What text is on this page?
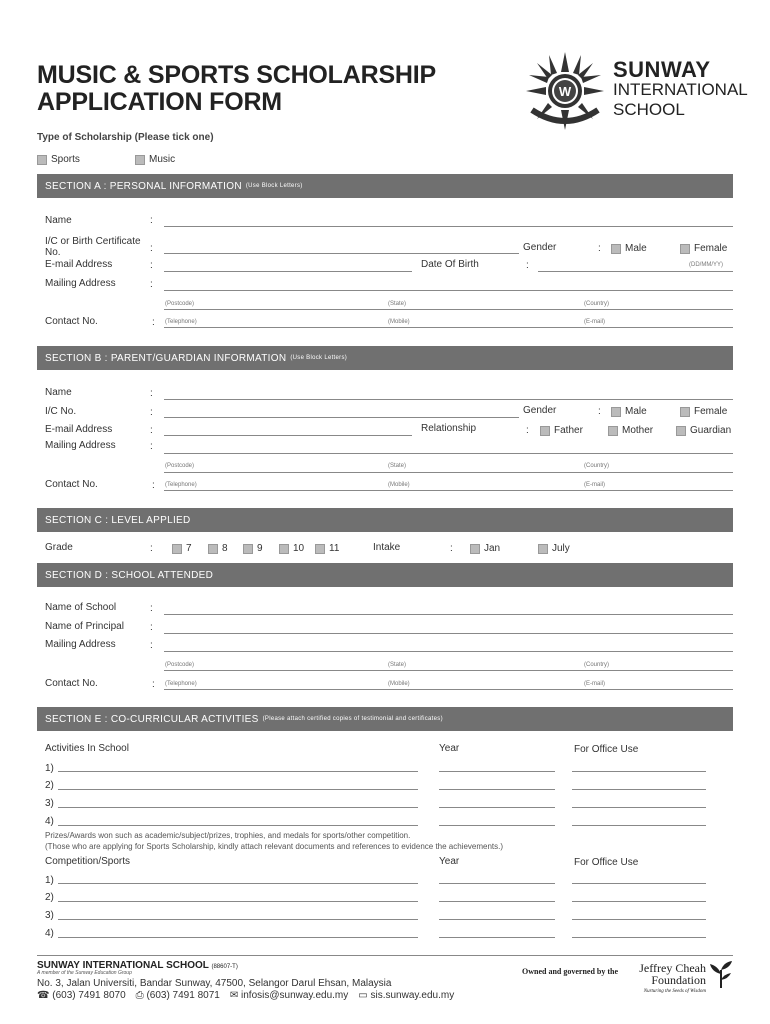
MUSIC & SPORTS SCHOLARSHIP
APPLICATION FORM	W
SUNWAY
INTERNATIONAL
SCHOOL
Type of Scholarship (Please tick one)
Sports	Music
SECTION A : PERSONAL INFORMATION (Use Block Letters)
Name	:
I/C or Birth Certificate No.	:	Gender	: Male	Female
E-mail Address	:	Date Of Birth	:	(DD/MM/YY)
Mailing Address	:
(Postcode)	(State)	(Country)
Contact No.	: (Telephone)	(Mobile)	(E-mail)
SECTION B : PARENT/GUARDIAN INFORMATION (Use Block Letters)
Name	:
I/C No.	:	Gender	: Male	Female
E-mail Address	:	Relationship	:	Father	Mother	Guardian
Mailing Address	:
(Postcode)	(State)	(Country)
Contact No.	: (Telephone)	(Mobile)	(E-mail)
SECTION C : LEVEL APPLIED
Grade	:	7	8	9	10 11	Intake	:	Jan	July
SECTION D : SCHOOL ATTENDED
Name of School	:
Name of Principal	:
Mailing Address	:
(Postcode)	(State)	(Country)
Contact No.	: (Telephone)	(Mobile)	(E-mail)
SECTION E : CO-CURRICULAR ACTIVITIES (Please attach certified copies of testimonial and certificates)
Activities In School	Year	For Office Use
1)
2)
3)
4)
Prizes/Awards won such as academic/subject/prizes, trophies, and medals for sports/other competition.
(Those who are applying for Sports Scholarship, kindly attach relevant documents and references to evidence the achievements.)
Competition/Sports	Year	For Office Use
1)
2)
3)
4)
SUNWAY INTERNATIONAL SCHOOL (88607-T)
A member of the Sunway Education Group
No. 3, Jalan Universiti, Bandar Sunway, 47500, Selangor Darul Ehsan, Malaysia
☎ (603) 7491 8070 ⎙ (603) 7491 8071 ✉ infosis@sunway.edu.my ▭ sis.sunway.edu.my
Owned and governed by the	Jeffrey Cheah
Foundation
Nurturing the Seeds of Wisdom
